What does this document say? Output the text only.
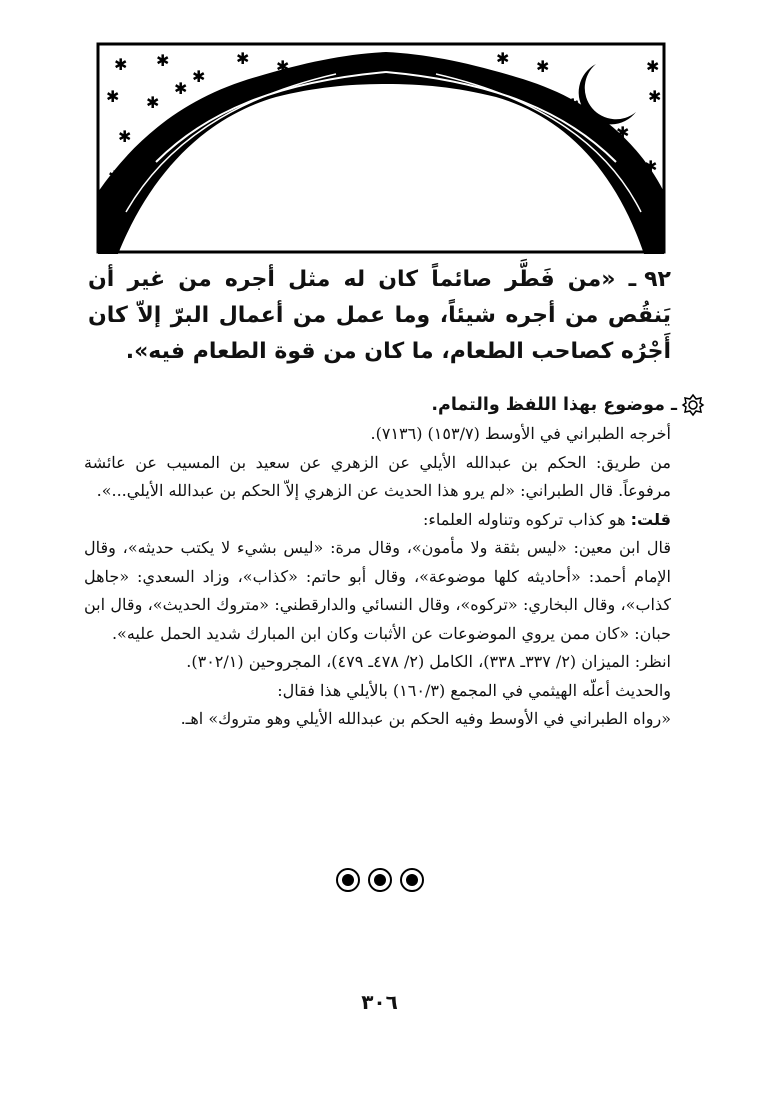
✱ ✱
✱
✱ ✱
✱
✱ ✱
✱
✱ ✱	✱ ✱
✱
✱
✱
✱
✱
٩٢ـ «من فَطَّر صائماً كان له مثل أجره من غير أن يَنقُص من أجره شيئاً، وما عمل من أعمال البرّ إلاّ كان أَجْرُه كصاحب الطعام، ما كان من قوة الطعام فيه».
ـ موضوع بهذا اللفظ والتمام.

أخرجه الطبراني في الأوسط (١٥٣/٧) (٧١٣٦).

من طريق: الحكم بن عبدالله الأيلي عن الزهري عن سعيد بن المسيب عن عائشة مرفوعاً. قال الطبراني: «لم يرو هذا الحديث عن الزهري إلاّ الحكم بن عبدالله الأيلي...».

قلت: هو كذاب تركوه وتناوله العلماء:

قال ابن معين: «ليس بثقة ولا مأمون»، وقال مرة: «ليس بشيء لا يكتب حديثه»، وقال الإمام أحمد: «أحاديثه كلها موضوعة»، وقال أبو حاتم: «كذاب»، وزاد السعدي: «جاهل كذاب»، وقال البخاري: «تركوه»، وقال النسائي والدارقطني: «متروك الحديث»، وقال ابن حبان: «كان ممن يروي الموضوعات عن الأثبات وكان ابن المبارك شديد الحمل عليه».

انظر: الميزان (٢/ ٣٣٧ـ ٣٣٨)، الكامل (٢/ ٤٧٨ـ ٤٧٩)، المجروحين (٣٠٢/١).

والحديث أعلّه الهيثمي في المجمع (١٦٠/٣) بالأيلي هذا فقال:

«رواه الطبراني في الأوسط وفيه الحكم بن عبدالله الأيلي وهو متروك» اهـ.

٣٠٦
